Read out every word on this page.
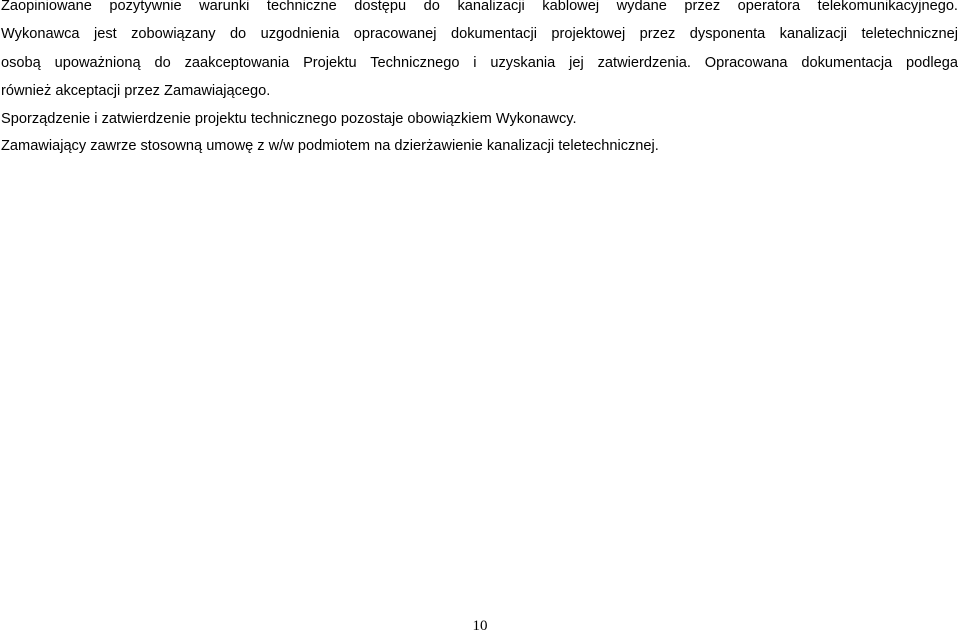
Zaopiniowane pozytywnie warunki techniczne dostępu do kanalizacji kablowej wydane przez operatora telekomunikacyjnego.
Wykonawca jest zobowiązany do uzgodnienia opracowanej dokumentacji projektowej przez dysponenta kanalizacji teletechnicznej
osobą upoważnioną do zaakceptowania Projektu Technicznego i uzyskania jej zatwierdzenia. Opracowana dokumentacja podlega
również akceptacji przez Zamawiającego.
Sporządzenie i zatwierdzenie projektu technicznego pozostaje obowiązkiem Wykonawcy.
Zamawiający zawrze stosowną umowę z w/w podmiotem na dzierżawienie kanalizacji teletechnicznej.
10
